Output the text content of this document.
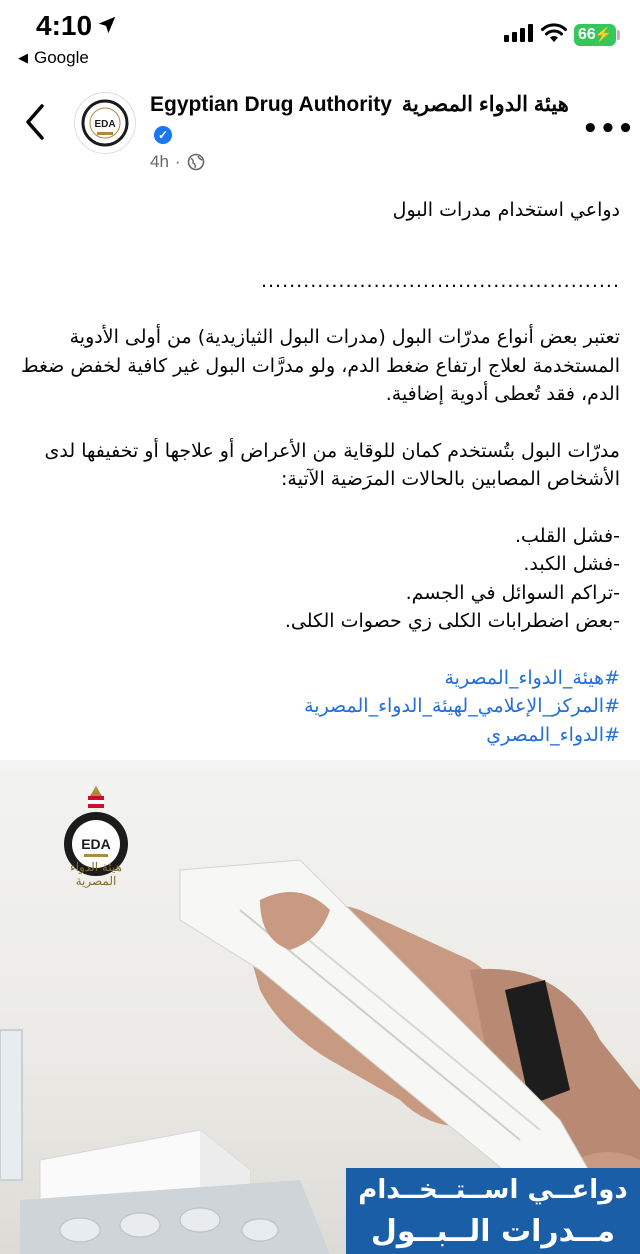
4:10	66
⚡
◀ Google
EDA
Egyptian Drug Authority هيئة الدواء المصرية✓
4h ·
•••

دواعي استخدام مدرات البول

...................................................

تعتبر بعض أنواع مدرّات البول (مدرات البول الثيازيدية) من أولى الأدوية المستخدمة لعلاج ارتفاع ضغط الدم، ولو مدرَّات البول غير كافية لخفض ضغط الدم، فقد تُعطى أدوية إضافية.

مدرّات البول بتُستخدم كمان للوقاية من الأعراض أو علاجها أو تخفيفها لدى الأشخاص المصابين بالحالات المرَضية الآتية:

-فشل القلب.

-فشل الكبد.

-تراكم السوائل في الجسم.

-بعض اضطرابات الكلى زي حصوات الكلى.

#هيئة_الدواء_المصرية
#المركز_الإعلامي_لهيئة_الدواء_المصرية
#الدواء_المصري
EDA
هيئة الدواء المصرية
دواعــي اســتــخــدام
مــدرات الــبــول
